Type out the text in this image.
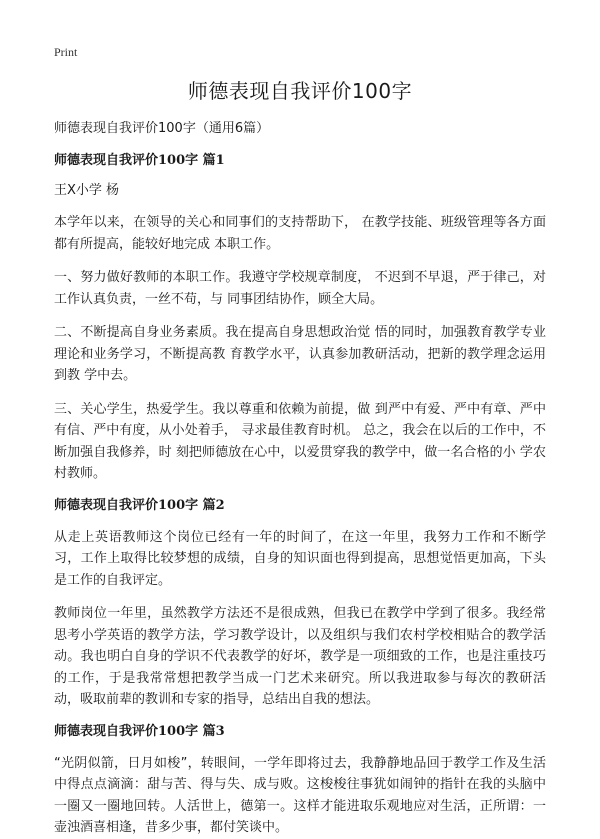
Print
师德表现自我评价100字
师德表现自我评价100字（通用6篇）
师德表现自我评价100字 篇1
王X小学 杨

本学年以来，在领导的关心和同事们的支持帮助下， 在教学技能、班级管理等各方面都有所提高，能较好地完成 本职工作。

一、努力做好教师的本职工作。我遵守学校规章制度， 不迟到不早退，严于律己，对工作认真负责，一丝不苟，与 同事团结协作，顾全大局。

二、不断提高自身业务素质。我在提高自身思想政治觉 悟的同时，加强教育教学专业理论和业务学习，不断提高教 育教学水平，认真参加教研活动，把新的教学理念运用到教 学中去。

三、关心学生，热爱学生。我以尊重和依赖为前提，做 到严中有爱、严中有章、严中有信、严中有度，从小处着手， 寻求最佳教育时机。 总之，我会在以后的工作中，不断加强自我修养，时 刻把师德放在心中，以爱贯穿我的教学中，做一名合格的小 学农村教师。

师德表现自我评价100字 篇2

从走上英语教师这个岗位已经有一年的时间了，在这一年里，我努力工作和不断学习，工作上取得比较梦想的成绩，自身的知识面也得到提高，思想觉悟更加高，下头是工作的自我评定。

教师岗位一年里，虽然教学方法还不是很成熟，但我已在教学中学到了很多。我经常思考小学英语的教学方法，学习教学设计，以及组织与我们农村学校相贴合的教学活动。我也明白自身的学识不代表教学的好坏，教学是一项细致的工作，也是注重技巧的工作，于是我常常想把教学当成一门艺术来研究。所以我进取参与每次的教研活动，吸取前辈的教训和专家的指导，总结出自我的想法。

师德表现自我评价100字 篇3

“光阴似箭，日月如梭”，转眼间，一学年即将过去，我静静地品回于教学工作及生活中得点点滴滴：甜与苦、得与失、成与败。这梭梭往事犹如闹钟的指针在我的头脑中一圈又一圈地回转。人活世上，德第一。这样才能进取乐观地应对生活，正所谓：一壶浊酒喜相逢，昔多少事，都付笑谈中。
